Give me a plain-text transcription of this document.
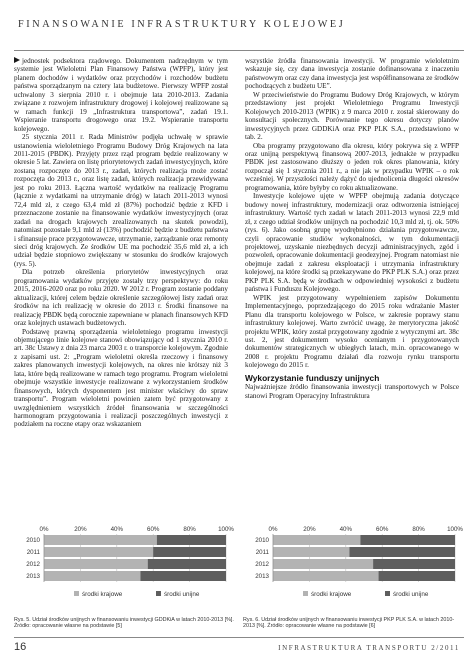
FINANSOWANIE INFRASTRUKTURY KOLEJOWEJ

jednostek podsektora rządowego. Dokumentem nadrzędnym w tym systemie jest Wieloletni Plan Finansowy Państwa (WPFP), który jest planem dochodów i wydatków oraz przychodów i rozchodów budżetu państwa sporządzanym na cztery lata budżetowe. Pierwszy WPFP został uchwalony 3 sierpnia 2010 r. i obejmuje lata 2010-2013. Zadania związane z rozwojem infrastruktury drogowej i kolejowej realizowane są w ramach funkcji 19 „Infrastruktura transportowa”, zadań 19.1. Wspieranie transportu drogowego oraz 19.2. Wspieranie transportu kolejowego.

25 stycznia 2011 r. Rada Ministrów podjęła uchwałę w sprawie ustanowienia wieloletniego Programu Budowy Dróg Krajowych na lata 2011-2015 (PBDK). Przyjęty przez rząd program będzie realizowany w okresie 5 lat. Zawiera on listę priorytetowych zadań inwestycyjnych, które zostaną rozpoczęte do 2013 r., zadań, których realizacja może zostać rozpoczęta do 2013 r., oraz listę zadań, których realizacja przewidywana jest po roku 2013. Łączna wartość wydatków na realizację Programu (łącznie z wydatkami na utrzymanie dróg) w latach 2011-2013 wynosi 72,4 mld zł, z czego 63,4 mld zł (87%) pochodzić będzie z KFD i przeznaczone zostanie na finansowanie wydatków inwestycyjnych (oraz zadań na drogach krajowych zrealizowanych na skutek powodzi), natomiast pozostałe 9,1 mld zł (13%) pochodzić będzie z budżetu państwa i sfinansuje prace przygotowawcze, utrzymanie, zarządzanie oraz remonty sieci dróg krajowych. Ze środków UE ma pochodzić 35,6 mld zł, a ich udział będzie stopniowo zwiększany w stosunku do środków krajowych (rys. 5).

Dla potrzeb określenia priorytetów inwestycyjnych oraz programowania wydatków przyjęte zostały trzy perspektywy: do roku 2015, 2016-2020 oraz po roku 2020. W 2012 r. Program zostanie poddany aktualizacji, której celem będzie określenie szczegółowej listy zadań oraz środków na ich realizację w okresie do 2013 r. Środki finansowe na realizację PBDK będą corocznie zapewniane w planach finansowych KFD oraz kolejnych ustawach budżetowych.

Podstawę prawną sporządzenia wieloletniego programu inwestycji objemującego linie kolejowe stanowi obowiązujący od 1 stycznia 2010 r. art. 38c Ustawy z dnia 23 marca 2003 r. o transporcie kolejowym. Zgodnie z zapisami ust. 2: „Program wieloletni określa rzeczowy i finansowy zakres planowanych inwestycji kolejowych, na okres nie krótszy niż 3 lata, które będą realizowane w ramach tego programu. Program wieloletni obejmuje wszystkie inwestycje realizowane z wykorzystaniem środków finansowych, których dysponentem jest minister właściwy do spraw transportu”. Program wieloletni powinien zatem być przygotowany z uwzględnieniem wszystkich źródeł finansowania w szczególności harmonogram przygotowania i realizacji poszczególnych inwestycji z podziałem na roczne etapy oraz wskazaniem

wszystkie źródła finansowania inwestycji. W programie wieloletnim wskazuje się, czy dana inwestycja zostanie dofinansowana z inaczeniu państwowym oraz czy dana inwestycja jest współfinansowana ze środków pochodzących z budżetu UE”.

W przeciwieństwie do Programu Budowy Dróg Krajowych, w którym przedstawiony jest projekt Wieloletniego Programu Inwestycji Kolejowych 2010-2013 (WPIK) z 9 marca 2010 r. został skierowany do konsultacji społecznych. Porównanie tego okresu dotyczy planów inwestycyjnych przez GDDKiA oraz PKP PLK S.A., przedstawiono w tab. 2.

Oba programy przygotowano dla okresu, który pokrywa się z WPFP oraz unijną perspektywą finansową 2007-2013, jednakże w przypadku PBDK jest zastosowano dłuższy o jeden rok okres planowania, który rozpoczął się 1 stycznia 2011 r., a nie jak w przypadku WPIK – o rok wcześniej. W przyszłości należy dążyć do ujednolicenia długości okresów programowania, które byłyby co roku aktualizowane.

Inwestycje kolejowe ujęte w WPFP obejmują zadania dotyczące budowy nowej infrastruktury, modernizacji oraz odtworzenia istniejącej infrastruktury. Wartość tych zadań w latach 2011-2013 wynosi 22,9 mld zł, z czego udział środków unijnych na pochodzić 10,3 mld zł, tj. ok. 50% (rys. 6). Jako osobną grupę wyodrębniono działania przygotowawcze, czyli opracowanie studiów wykonalności, w tym dokumentacji projektowej, uzyskanie niezbędnych decyzji administracyjnych, zgód i pozwoleń, opracowanie dokumentacji geodezyjnej. Program natomiast nie obejmuje zadań z zakresu eksploatacji i utrzymania infrastruktury kolejowej, na które środki są przekazywane do PKP PLK S.A.) oraz przez PKP PLK S.A. będą w środkach w odpowiedniej wysokości z budżetu państwa i Funduszu Kolejowego.

WPIK jest przygotowany wypełnieniem zapisów Dokumentu Implementacyjnego, poprzedzającego do 2015 roku wdrażanie Master Planu dla transportu kolejowego w Polsce, w zakresie poprawy stanu infrastruktury kolejowej. Warto zwrócić uwagę, że merytoryczna jakość projektu WPIK, który został przygotowany zgodnie z wytycznymi art. 38c ust. 2, jest dokumentem wysoko ocenianym i przygotowanych dokumentów strategicznych w ubiegłych latach, m.in. opracowanego w 2008 r. projektu Programu działań dla rozwoju rynku transportu kolejowego do 2015 r.

Wykorzystanie funduszy unijnych

Najważniejsze źródło finansowania inwestycji transportowych w Polsce stanowi Program Operacyjny Infrastruktura

0%	20%	40%	60%	80%	100%
2010
2011
2012
2013
środki krajowe	środki unijne
0%	20%	40%	60%	80%	100%
2010
2011
2012
2013
środki krajowe	środki unijne
Rys. 5. Udział środków unijnych w finansowaniu inwestycji GDDKiA w latach 2010-2013 [%]. Źródło: opracowanie własne na podstawie [5]
Rys. 6. Udział środków unijnych w finansowaniu inwestycji PKP PLK S.A. w latach 2010-2013 [%]. Źródło: opracowanie własne na podstawie [6]
16	INFRASTRUKTURA TRANSPORTU 2/2011
